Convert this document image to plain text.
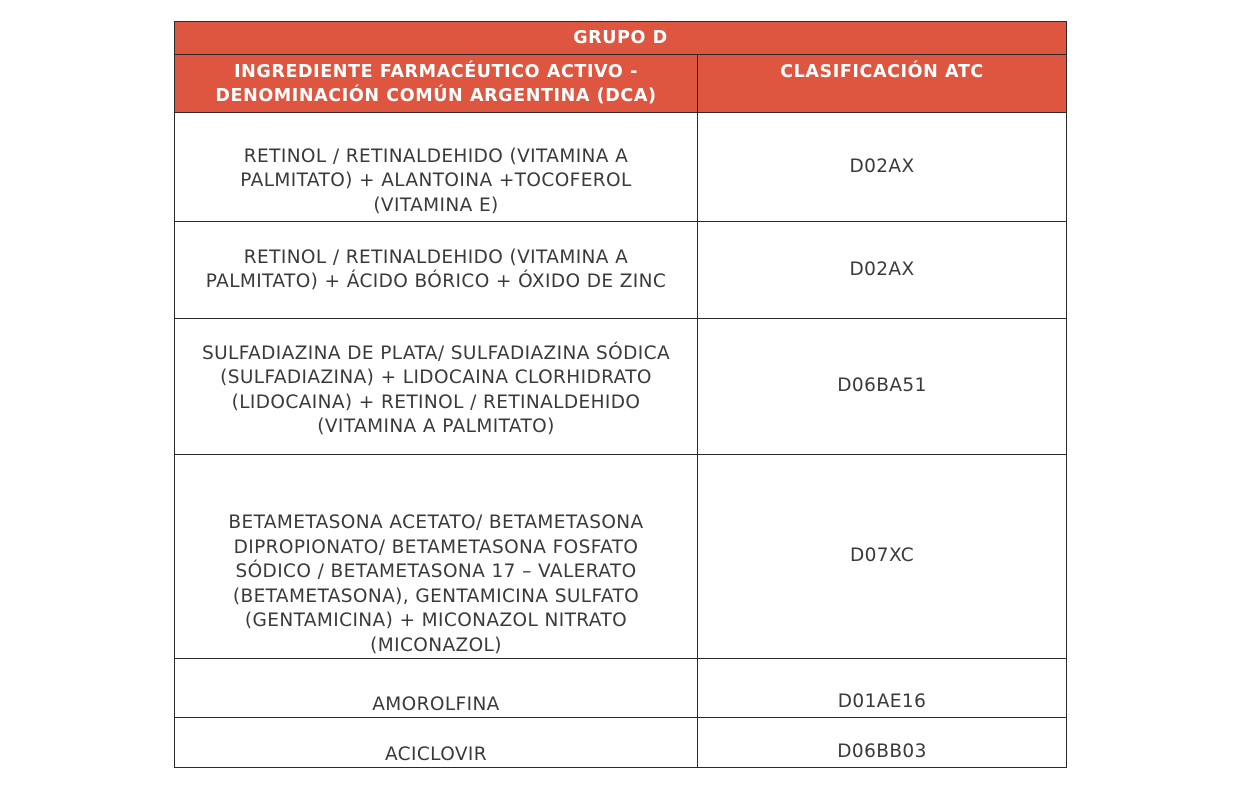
GRUPO D	
INGREDIENTE FARMACÉUTICO ACTIVO - DENOMINACIÓN COMÚN ARGENTINA (DCA)	CLASIFICACIÓN ATC
RETINOL / RETINALDEHIDO (VITAMINA A PALMITATO) + ALANTOINA +TOCOFEROL (VITAMINA E)	D02AX
RETINOL / RETINALDEHIDO (VITAMINA A PALMITATO) + ÁCIDO BÓRICO + ÓXIDO DE ZINC	D02AX
SULFADIAZINA DE PLATA/ SULFADIAZINA SÓDICA (SULFADIAZINA) + LIDOCAINA CLORHIDRATO (LIDOCAINA) + RETINOL / RETINALDEHIDO (VITAMINA A PALMITATO)	D06BA51
BETAMETASONA ACETATO/ BETAMETASONA DIPROPIONATO/ BETAMETASONA FOSFATO SÓDICO / BETAMETASONA 17 – VALERATO (BETAMETASONA), GENTAMICINA SULFATO (GENTAMICINA) + MICONAZOL NITRATO (MICONAZOL)	D07XC
AMOROLFINA	D01AE16
ACICLOVIR	D06BB03
